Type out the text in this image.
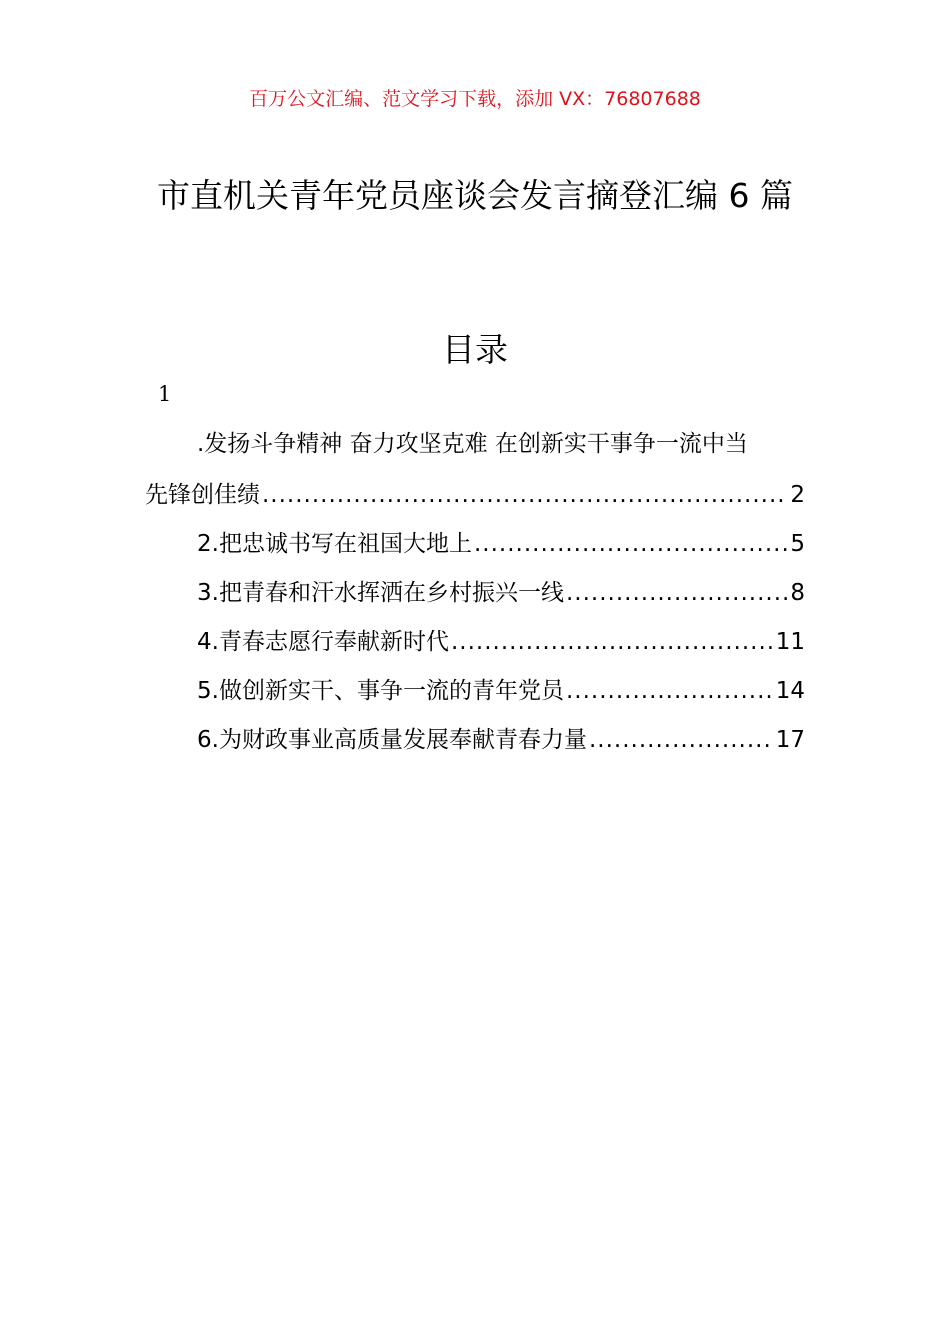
百万公文汇编、范文学习下载，添加 VX：76807688
市直机关青年党员座谈会发言摘登汇编 6 篇
目录
1
.发扬斗争精神 奋力攻坚克难 在创新实干事争一流中当
先锋创佳绩 .....	2
2.把忠诚书写在祖国大地上 .....	5
3.把青春和汗水挥洒在乡村振兴一线 .....	8
4.青春志愿行奉献新时代 .....	11
5.做创新实干、事争一流的青年党员 .....	14
6.为财政事业高质量发展奉献青春力量 .....	17
